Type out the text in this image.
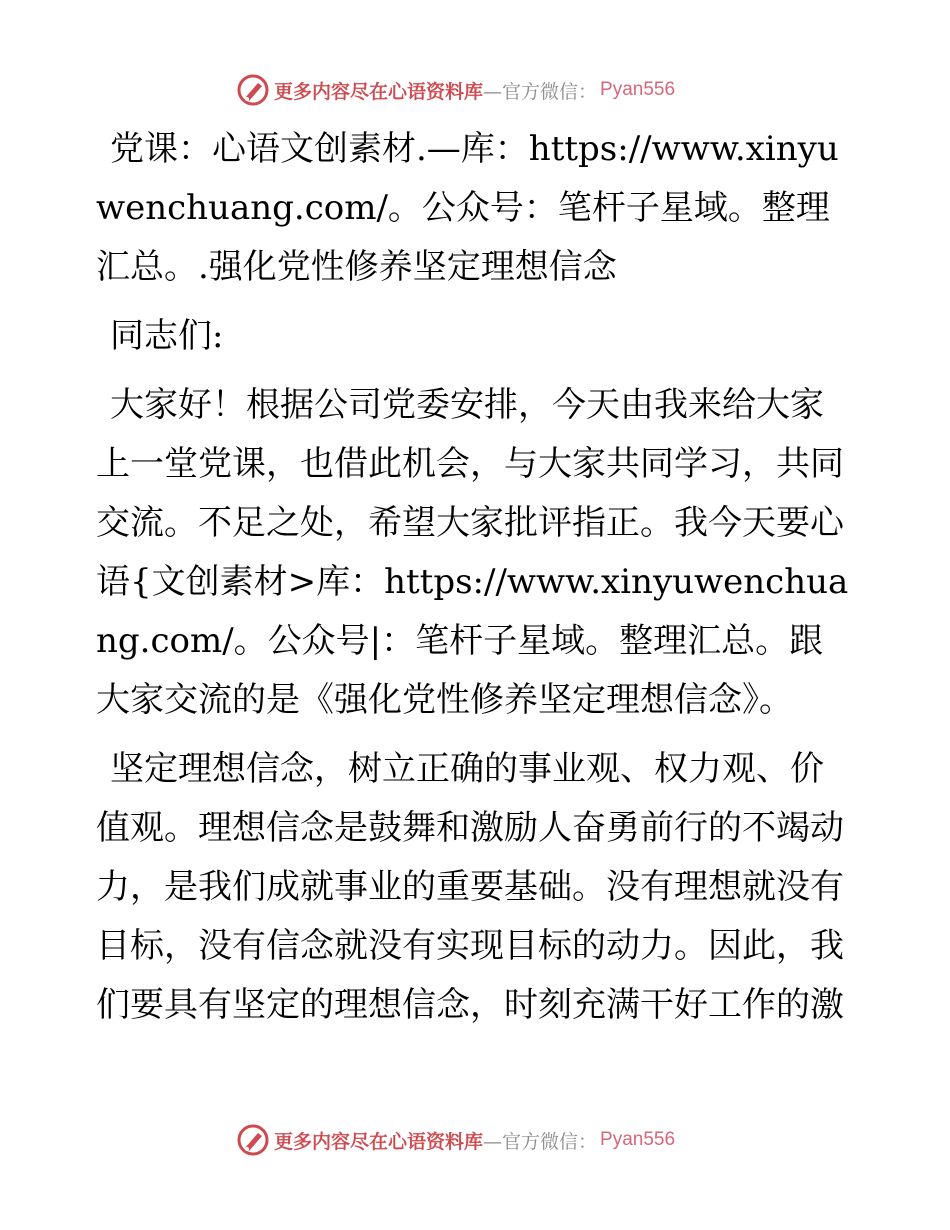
更多内容尽在心语资料库 —官方微信： Pyan556

党课：心语文创素材.—库：https://www.xinyuwenchuang.com/。公众号：笔杆子星域。整理汇总。.强化党性修养坚定理想信念

同志们:

大家好！根据公司党委安排，今天由我来给大家上一堂党课，也借此机会，与大家共同学习，共同交流。不足之处，希望大家批评指正。我今天要心语{文创素材>库：https://www.xinyuwenchuang.com/。公众号|：笔杆子星域。整理汇总。跟大家交流的是《强化党性修养坚定理想信念》。

坚定理想信念，树立正确的事业观、权力观、价值观。理想信念是鼓舞和激励人奋勇前行的不竭动力，是我们成就事业的重要基础。没有理想就没有目标，没有信念就没有实现目标的动力。因此，我们要具有坚定的理想信念，时刻充满干好工作的激

更多内容尽在心语资料库 —官方微信： Pyan556
